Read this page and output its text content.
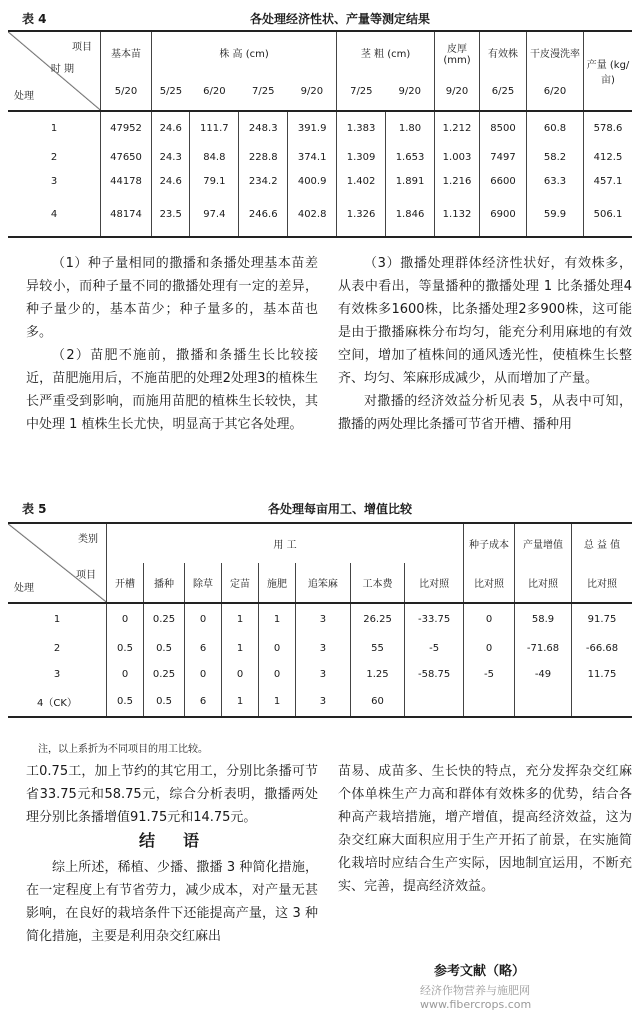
表 4	各处理经济性状、产量等测定结果
项目
时 期
处理	基本苗	株 高 (cm)				茎 粗 (cm)		皮厚 (mm)	有效株	干皮漫洗率	产量 (kg/亩)
	5/20	5/25	6/20	7/25	9/20	7/25	9/20	9/20	6/25	6/20	
1	47952	24.6	111.7	248.3	391.9	1.383	1.80	1.212	8500	60.8	578.6
2	47650	24.3	84.8	228.8	374.1	1.309	1.653	1.003	7497	58.2	412.5
3	44178	24.6	79.1	234.2	400.9	1.402	1.891	1.216	6600	63.3	457.1
4	48174	23.5	97.4	246.6	402.8	1.326	1.846	1.132	6900	59.9	506.1

（1）种子量相同的撒播和条播处理基本苗差异较小，而种子量不同的撒播处理有一定的差异，种子量少的，基本苗少；种子量多的，基本苗也多。

（2）苗肥不施前，撒播和条播生长比较接近，苗肥施用后，不施苗肥的处理2处理3的植株生长严重受到影响，而施用苗肥的植株生长较快，其中处理 1 植株生长尤快，明显高于其它各处理。

（3）撒播处理群体经济性状好，有效株多，从表中看出，等量播种的撒播处理 1 比条播处理4有效株多1600株，比条播处理2多900株，这可能是由于撒播麻株分布均匀，能充分利用麻地的有效空间，增加了植株间的通风透光性，使植株生长整齐、均匀、笨麻形成减少，从而增加了产量。

对撒播的经济效益分析见表 5，从表中可知，撒播的两处理比条播可节省开槽、播种用

表 5	各处理每亩用工、增值比较
类别
项目
处理	用 工								种子成本	产量增值	总 益 值
	开槽	播种	除草	定苗	施肥	追笨麻	工本费	比对照	比对照	比对照	比对照
1	0	0.25	0	1	1	3	26.25	-33.75	0	58.9	91.75
2	0.5	0.5	6	1	0	3	55	-5	0	-71.68	-66.68
3	0	0.25	0	0	0	3	1.25	-58.75	-5	-49	11.75
4（CK）	0.5	0.5	6	1	1	3	60				
注，以上系折为不同项目的用工比较。

工0.75工，加上节约的其它用工，分别比条播可节省33.75元和58.75元，综合分析表明，撒播两处理分别比条播增值91.75元和14.75元。

结　语

综上所述，稀植、少播、撒播 3 种简化措施，在一定程度上有节省劳力，减少成本，对产量无甚影响，在良好的栽培条件下还能提高产量，这 3 种简化措施，主要是利用杂交红麻出

苗易、成苗多、生长快的特点，充分发挥杂交红麻个体单株生产力高和群体有效株多的优势，结合各种高产栽培措施，增产增值，提高经济效益，这为杂交红麻大面积应用于生产开拓了前景，在实施简化栽培时应结合生产实际，因地制宜运用，不断充实、完善，提高经济效益。

参考文献（略）
经济作物营养与施肥网 www.fibercrops.com
